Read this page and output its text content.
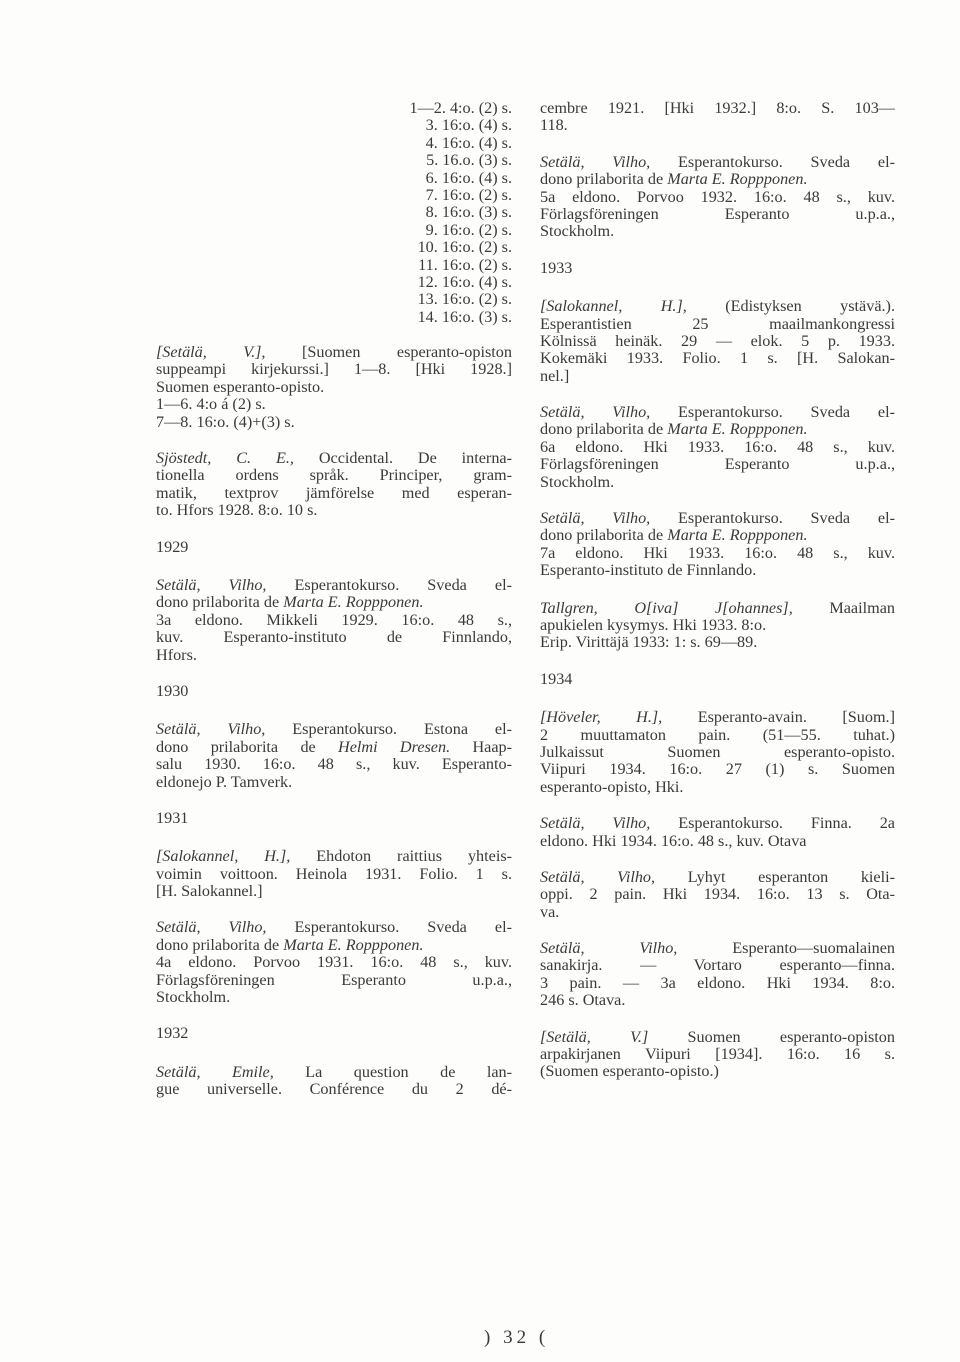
1—2. 4:o. (2) s.
3. 16:o. (4) s.
4. 16:o. (4) s.
5. 16.o. (3) s.
6. 16:o. (4) s.
7. 16:o. (2) s.
8. 16:o. (3) s.
9. 16:o. (2) s.
10. 16:o. (2) s.
11. 16:o. (2) s.
12. 16:o. (4) s.
13. 16:o. (2) s.
14. 16:o. (3) s.
[Setälä, V.], [Suomen esperanto-opiston
suppeampi kirjekurssi.] 1—8. [Hki 1928.]
Suomen esperanto-opisto.
1—6. 4:o á (2) s.
7—8. 16:o. (4)+(3) s.
Sjöstedt, C. E., Occidental. De interna-
tionella ordens språk. Principer, gram-
matik, textprov jämförelse med esperan-
to. Hfors 1928. 8:o. 10 s.
1929
Setälä, Vilho, Esperantokurso. Sveda el-
dono prilaborita de Marta E. Roppponen.
3a eldono. Mikkeli 1929. 16:o. 48 s.,
kuv. Esperanto-instituto de Finnlando,
Hfors.
1930
Setälä, Vilho, Esperantokurso. Estona el-
dono prilaborita de Helmi Dresen. Haap-
salu 1930. 16:o. 48 s., kuv. Esperanto-
eldonejo P. Tamverk.
1931
[Salokannel, H.], Ehdoton raittius yhteis-
voimin voittoon. Heinola 1931. Folio. 1 s.
[H. Salokannel.]
Setälä, Vilho, Esperantokurso. Sveda el-
dono prilaborita de Marta E. Roppponen.
4a eldono. Porvoo 1931. 16:o. 48 s., kuv.
Förlagsföreningen Esperanto u.p.a.,
Stockholm.
1932
Setälä, Emile, La question de lan-
gue universelle. Conférence du 2 dé-
cembre 1921. [Hki 1932.] 8:o. S. 103—
118.
Setälä, Vilho, Esperantokurso. Sveda el-
dono prilaborita de Marta E. Roppponen.
5a eldono. Porvoo 1932. 16:o. 48 s., kuv.
Förlagsföreningen Esperanto u.p.a.,
Stockholm.
1933
[Salokannel, H.], (Edistyksen ystävä.).
Esperantistien 25 maailmankongressi
Kölnissä heinäk. 29 — elok. 5 p. 1933.
Kokemäki 1933. Folio. 1 s. [H. Salokan-
nel.]
Setälä, Vilho, Esperantokurso. Sveda el-
dono prilaborita de Marta E. Roppponen.
6a eldono. Hki 1933. 16:o. 48 s., kuv.
Förlagsföreningen Esperanto u.p.a.,
Stockholm.
Setälä, Vilho, Esperantokurso. Sveda el-
dono prilaborita de Marta E. Roppponen.
7a eldono. Hki 1933. 16:o. 48 s., kuv.
Esperanto-instituto de Finnlando.
Tallgren, O[iva] J[ohannes], Maailman
apukielen kysymys. Hki 1933. 8:o.
Erip. Virittäjä 1933: 1: s. 69—89.
1934
[Höveler, H.], Esperanto-avain. [Suom.]
2 muuttamaton pain. (51—55. tuhat.)
Julkaissut Suomen esperanto-opisto.
Viipuri 1934. 16:o. 27 (1) s. Suomen
esperanto-opisto, Hki.
Setälä, Vilho, Esperantokurso. Finna. 2a
eldono. Hki 1934. 16:o. 48 s., kuv. Otava
Setälä, Vilho, Lyhyt esperanton kieli-
oppi. 2 pain. Hki 1934. 16:o. 13 s. Ota-
va.
Setälä, Vilho, Esperanto—suomalainen
sanakirja. — Vortaro esperanto—finna.
3 pain. — 3a eldono. Hki 1934. 8:o.
246 s. Otava.
[Setälä, V.] Suomen esperanto-opiston
arpakirjanen Viipuri [1934]. 16:o. 16 s.
(Suomen esperanto-opisto.)
) 32 (
